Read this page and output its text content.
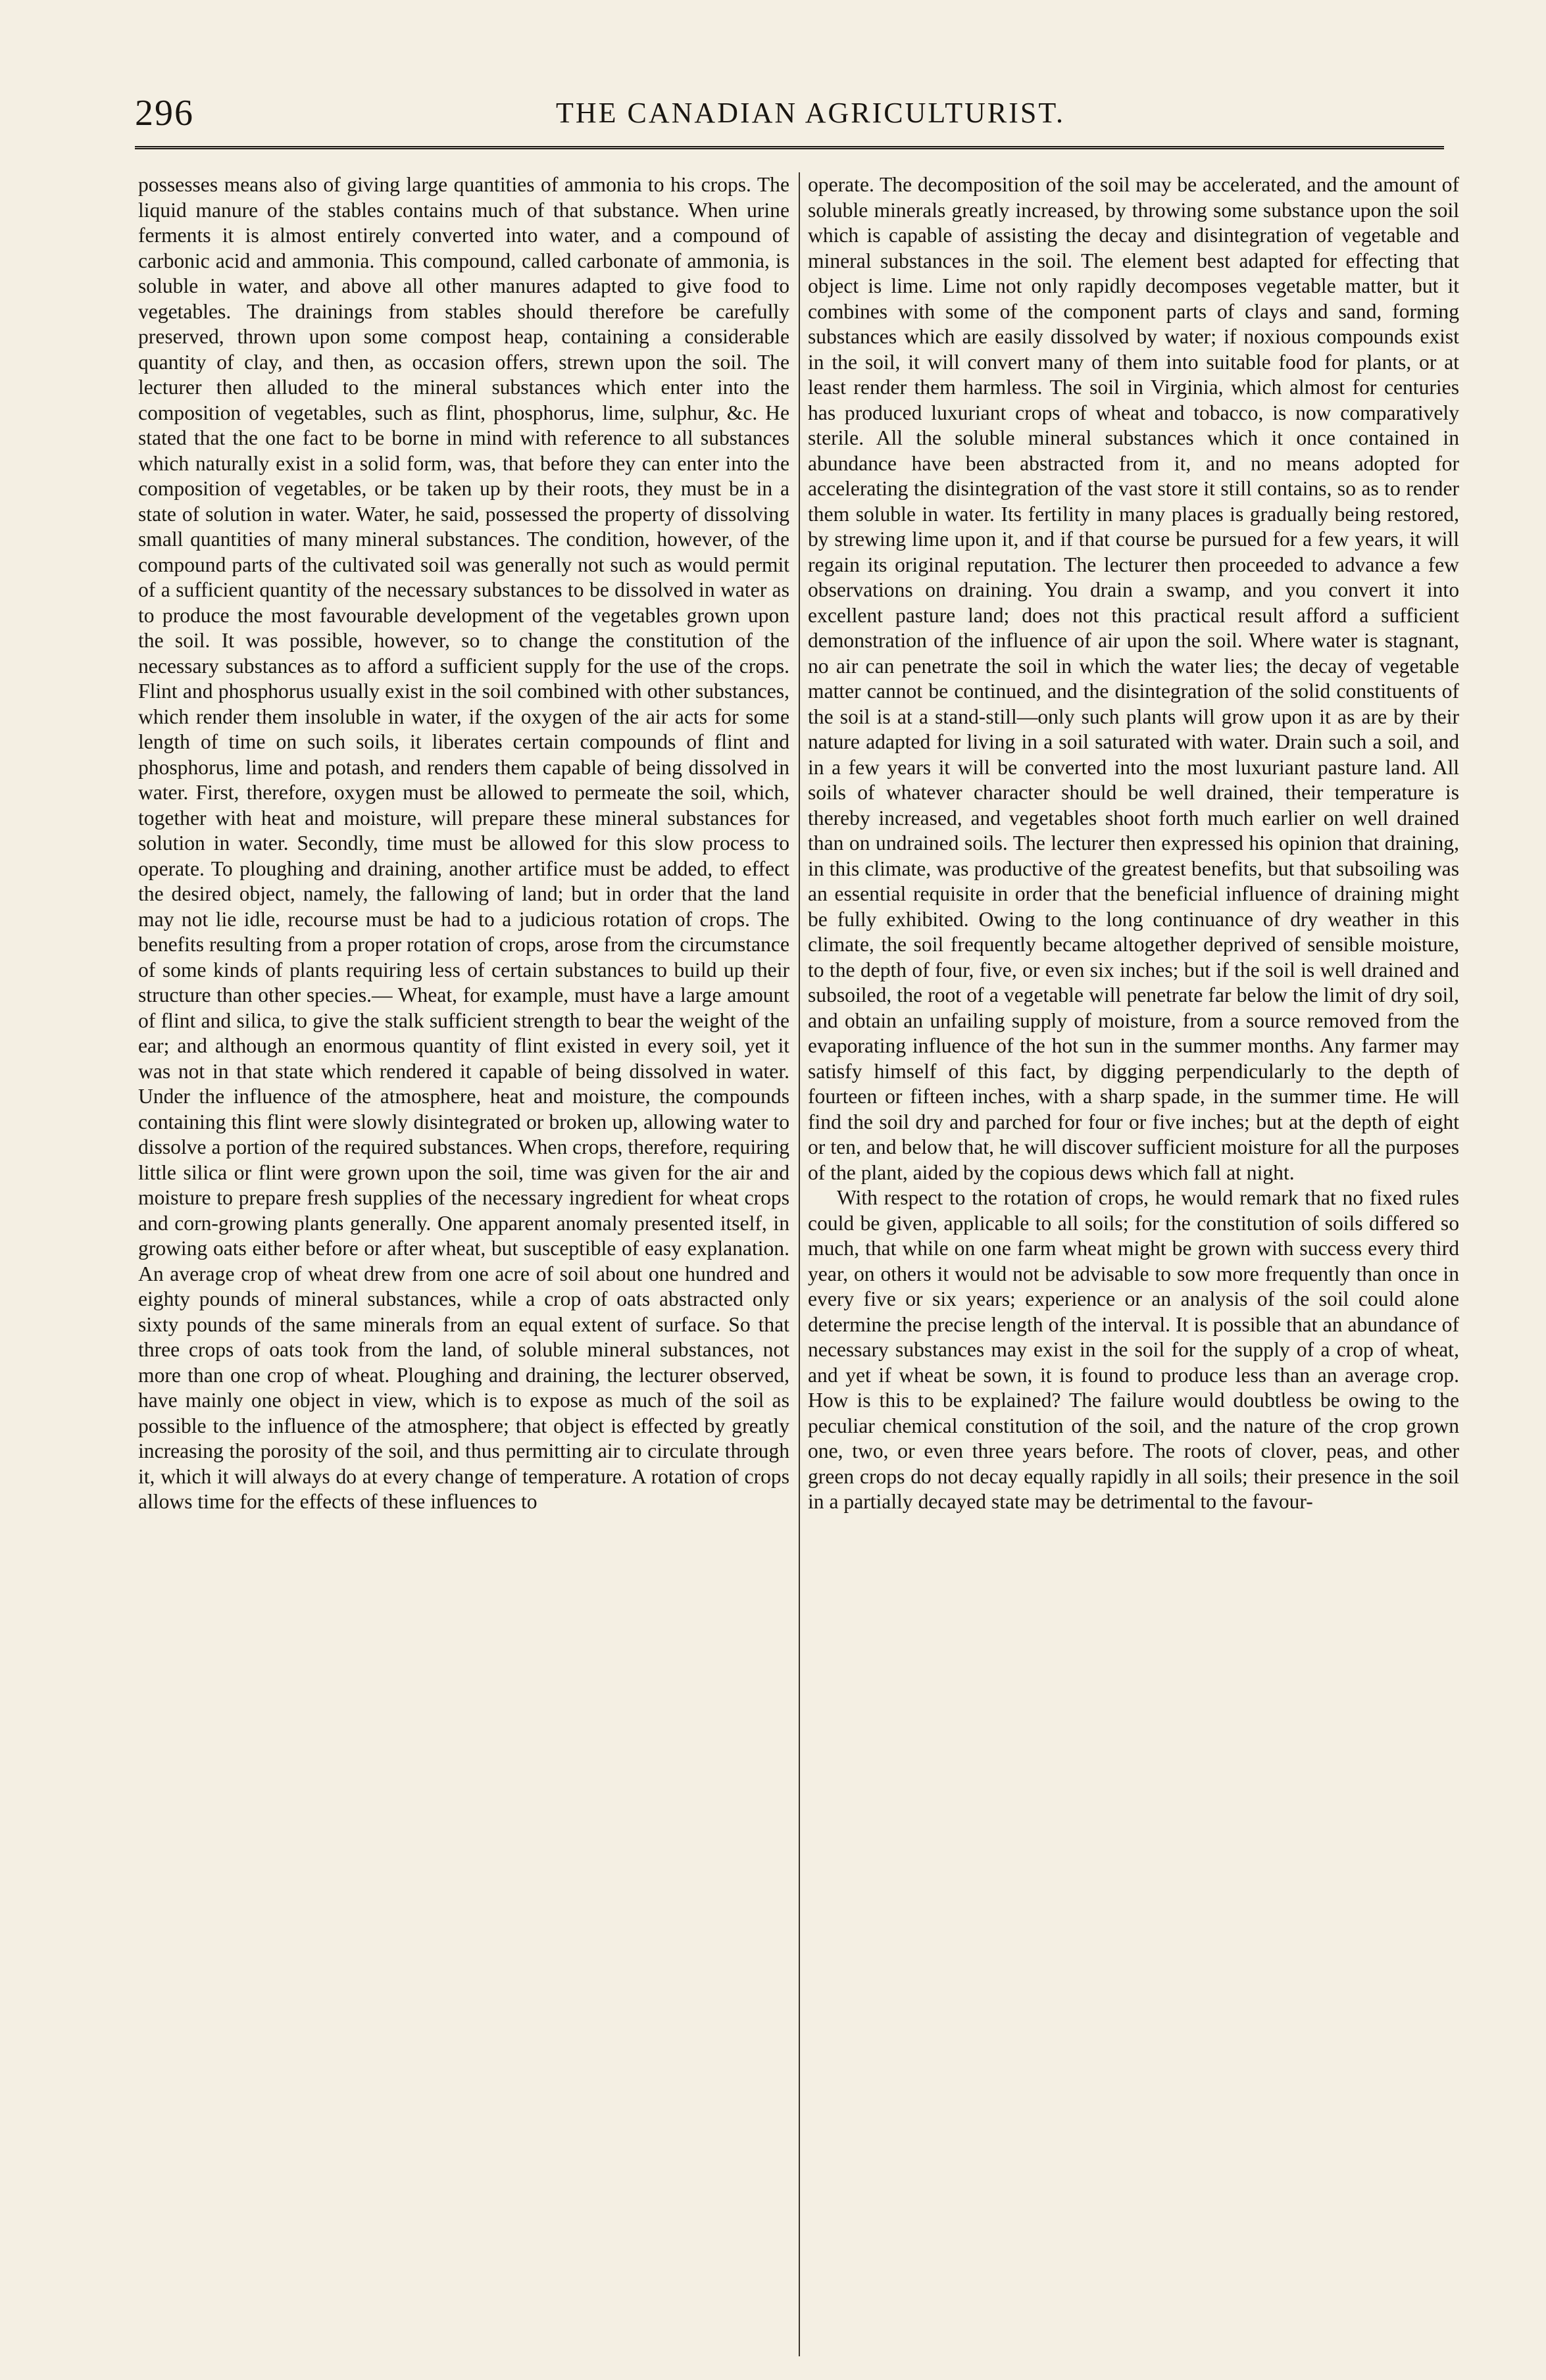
296	THE CANADIAN AGRICULTURIST.

possesses means also of giving large quantities of ammonia to his crops. The liquid manure of the stables contains much of that substance. When urine ferments it is almost entirely converted into water, and a compound of carbonic acid and ammonia. This compound, called carbonate of ammonia, is soluble in water, and above all other manures adapted to give food to vegetables. The drainings from stables should therefore be carefully preserved, thrown upon some compost heap, containing a considerable quantity of clay, and then, as occasion offers, strewn upon the soil. The lecturer then alluded to the mineral substances which enter into the composition of vegetables, such as flint, phosphorus, lime, sulphur, &c. He stated that the one fact to be borne in mind with reference to all substances which naturally exist in a solid form, was, that before they can enter into the composition of vegetables, or be taken up by their roots, they must be in a state of solution in water. Water, he said, possessed the property of dissolving small quantities of many mineral substances. The condition, however, of the compound parts of the cultivated soil was generally not such as would permit of a sufficient quantity of the necessary substances to be dissolved in water as to produce the most favourable development of the vegetables grown upon the soil. It was possible, however, so to change the constitution of the necessary substances as to afford a sufficient supply for the use of the crops. Flint and phosphorus usually exist in the soil combined with other substances, which render them insoluble in water, if the oxygen of the air acts for some length of time on such soils, it liberates certain compounds of flint and phosphorus, lime and potash, and renders them capable of being dissolved in water. First, therefore, oxygen must be allowed to permeate the soil, which, together with heat and moisture, will prepare these mineral substances for solution in water. Secondly, time must be allowed for this slow process to operate. To ploughing and draining, another artifice must be added, to effect the desired object, namely, the fallowing of land; but in order that the land may not lie idle, recourse must be had to a judicious rotation of crops. The benefits resulting from a proper rotation of crops, arose from the circumstance of some kinds of plants requiring less of certain substances to build up their structure than other species.— Wheat, for example, must have a large amount of flint and silica, to give the stalk sufficient strength to bear the weight of the ear; and although an enormous quantity of flint existed in every soil, yet it was not in that state which rendered it capable of being dissolved in water. Under the influence of the atmosphere, heat and moisture, the compounds containing this flint were slowly disintegrated or broken up, allowing water to dissolve a portion of the required substances. When crops, therefore, requiring little silica or flint were grown upon the soil, time was given for the air and moisture to prepare fresh supplies of the necessary ingredient for wheat crops and corn-growing plants generally. One apparent anomaly presented itself, in growing oats either before or after wheat, but susceptible of easy explanation. An average crop of wheat drew from one acre of soil about one hundred and eighty pounds of mineral substances, while a crop of oats abstracted only sixty pounds of the same minerals from an equal extent of surface. So that three crops of oats took from the land, of soluble mineral substances, not more than one crop of wheat. Ploughing and draining, the lecturer observed, have mainly one object in view, which is to expose as much of the soil as possible to the influence of the atmosphere; that object is effected by greatly increasing the porosity of the soil, and thus permitting air to circulate through it, which it will always do at every change of temperature. A rotation of crops allows time for the effects of these influences to

operate. The decomposition of the soil may be accelerated, and the amount of soluble minerals greatly increased, by throwing some substance upon the soil which is capable of assisting the decay and disintegration of vegetable and mineral substances in the soil. The element best adapted for effecting that object is lime. Lime not only rapidly decomposes vegetable matter, but it combines with some of the component parts of clays and sand, forming substances which are easily dissolved by water; if noxious compounds exist in the soil, it will convert many of them into suitable food for plants, or at least render them harmless. The soil in Virginia, which almost for centuries has produced luxuriant crops of wheat and tobacco, is now comparatively sterile. All the soluble mineral substances which it once contained in abundance have been abstracted from it, and no means adopted for accelerating the disintegration of the vast store it still contains, so as to render them soluble in water. Its fertility in many places is gradually being restored, by strewing lime upon it, and if that course be pursued for a few years, it will regain its original reputation. The lecturer then proceeded to advance a few observations on draining. You drain a swamp, and you convert it into excellent pasture land; does not this practical result afford a sufficient demonstration of the influence of air upon the soil. Where water is stagnant, no air can penetrate the soil in which the water lies; the decay of vegetable matter cannot be continued, and the disintegration of the solid constituents of the soil is at a stand-still—only such plants will grow upon it as are by their nature adapted for living in a soil saturated with water. Drain such a soil, and in a few years it will be converted into the most luxuriant pasture land. All soils of whatever character should be well drained, their temperature is thereby increased, and vegetables shoot forth much earlier on well drained than on undrained soils. The lecturer then expressed his opinion that draining, in this climate, was productive of the greatest benefits, but that subsoiling was an essential requisite in order that the beneficial influence of draining might be fully exhibited. Owing to the long continuance of dry weather in this climate, the soil frequently became altogether deprived of sensible moisture, to the depth of four, five, or even six inches; but if the soil is well drained and subsoiled, the root of a vegetable will penetrate far below the limit of dry soil, and obtain an unfailing supply of moisture, from a source removed from the evaporating influence of the hot sun in the summer months. Any farmer may satisfy himself of this fact, by digging perpendicularly to the depth of fourteen or fifteen inches, with a sharp spade, in the summer time. He will find the soil dry and parched for four or five inches; but at the depth of eight or ten, and below that, he will discover sufficient moisture for all the purposes of the plant, aided by the copious dews which fall at night.

With respect to the rotation of crops, he would remark that no fixed rules could be given, applicable to all soils; for the constitution of soils differed so much, that while on one farm wheat might be grown with success every third year, on others it would not be advisable to sow more frequently than once in every five or six years; experience or an analysis of the soil could alone determine the precise length of the interval. It is possible that an abundance of necessary substances may exist in the soil for the supply of a crop of wheat, and yet if wheat be sown, it is found to produce less than an average crop. How is this to be explained? The failure would doubtless be owing to the peculiar chemical constitution of the soil, and the nature of the crop grown one, two, or even three years before. The roots of clover, peas, and other green crops do not decay equally rapidly in all soils; their presence in the soil in a partially decayed state may be detrimental to the favour-
